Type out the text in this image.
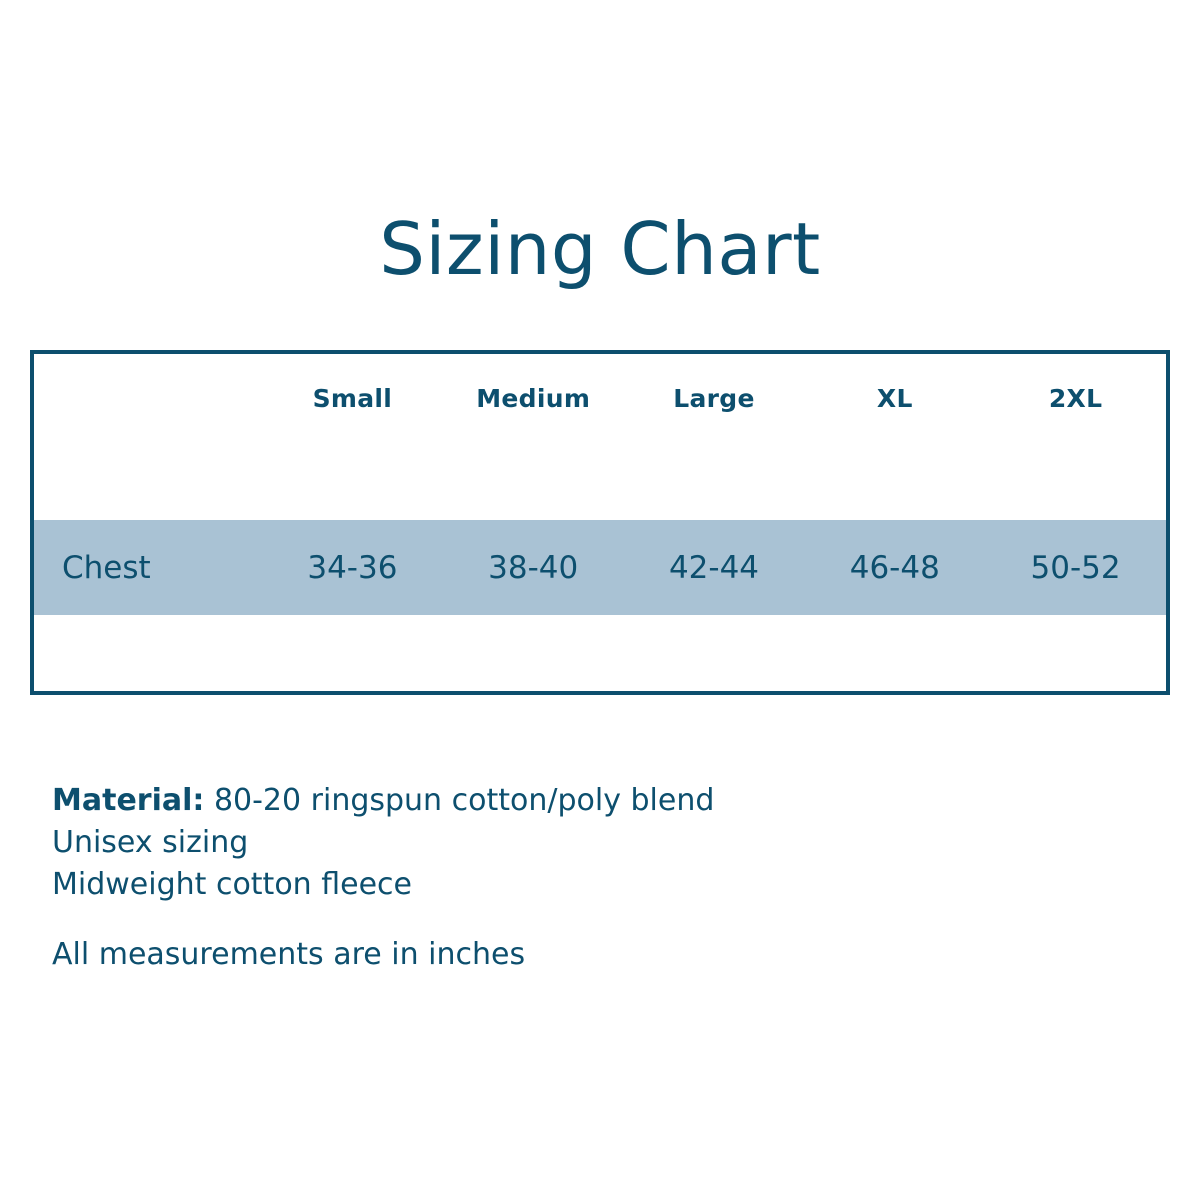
Sizing Chart
	Small	Medium	Large	XL	2XL

Chest	34-36	38-40	42-44	46-48	50-52

Material: 80-20 ringspun cotton/poly blend
Unisex sizing
Midweight cotton fleece
All measurements are in inches
